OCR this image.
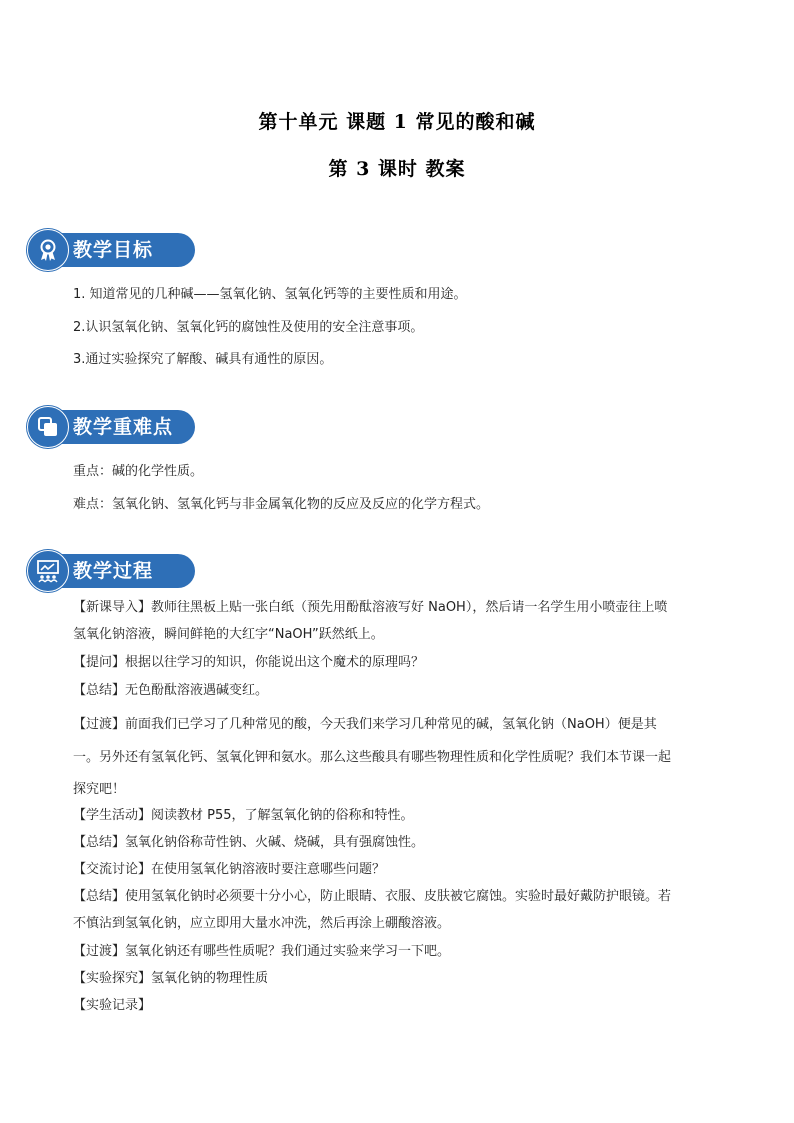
第十单元 课题 1 常见的酸和碱
第 3 课时 教案
教学目标
1. 知道常见的几种碱——氢氧化钠、氢氧化钙等的主要性质和用途。
2.认识氢氧化钠、氢氧化钙的腐蚀性及使用的安全注意事项。
3.通过实验探究了解酸、碱具有通性的原因。
教学重难点
重点：碱的化学性质。
难点：氢氧化钠、氢氧化钙与非金属氧化物的反应及反应的化学方程式。
教学过程
【新课导入】教师往黑板上贴一张白纸（预先用酚酞溶液写好 NaOH），然后请一名学生用小喷壶往上喷
氢氧化钠溶液，瞬间鲜艳的大红字“NaOH”跃然纸上。
【提问】根据以往学习的知识，你能说出这个魔术的原理吗？
【总结】无色酚酞溶液遇碱变红。
【过渡】前面我们已学习了几种常见的酸，今天我们来学习几种常见的碱，氢氧化钠（NaOH）便是其
一。另外还有氢氧化钙、氢氧化钾和氨水。那么这些酸具有哪些物理性质和化学性质呢？我们本节课一起
探究吧！
【学生活动】阅读教材 P55，了解氢氧化钠的俗称和特性。
【总结】氢氧化钠俗称苛性钠、火碱、烧碱，具有强腐蚀性。
【交流讨论】在使用氢氧化钠溶液时要注意哪些问题？
【总结】使用氢氧化钠时必须要十分小心，防止眼睛、衣服、皮肤被它腐蚀。实验时最好戴防护眼镜。若
不慎沾到氢氧化钠，应立即用大量水冲洗，然后再涂上硼酸溶液。
【过渡】氢氧化钠还有哪些性质呢？我们通过实验来学习一下吧。
【实验探究】氢氧化钠的物理性质
【实验记录】
